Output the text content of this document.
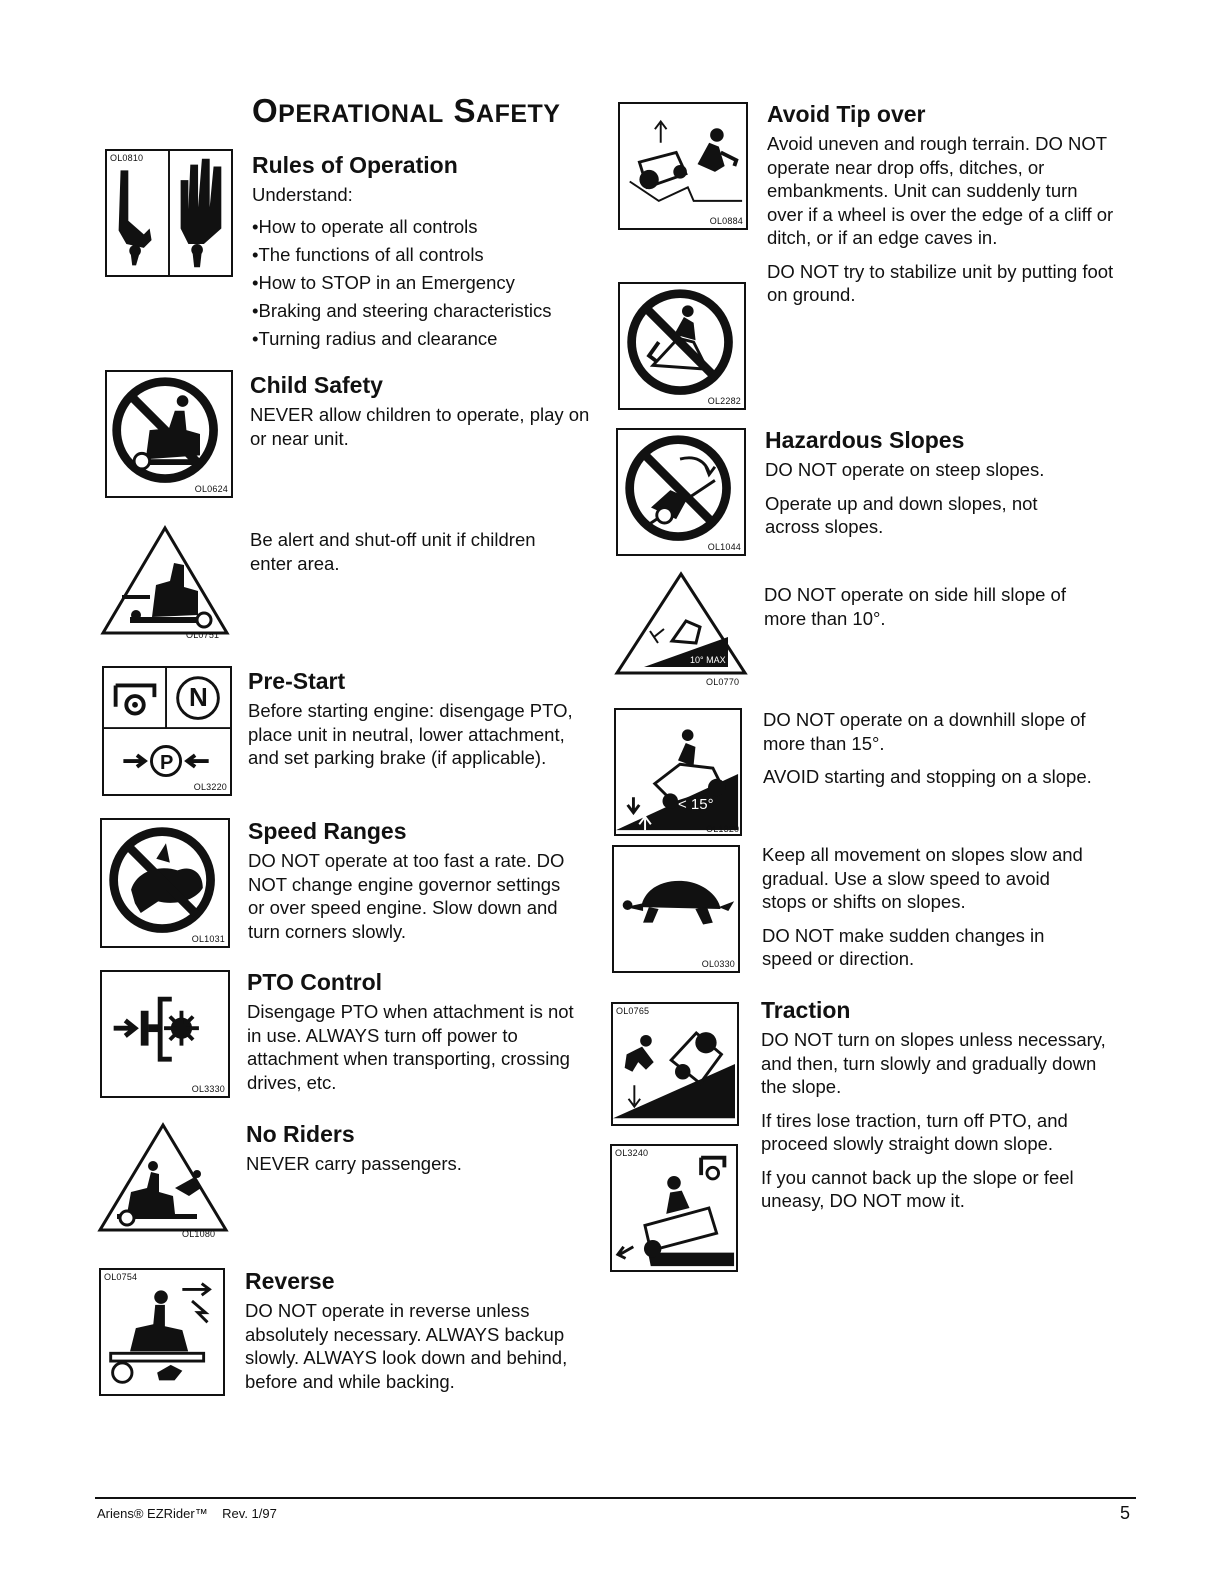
OPERATIONAL SAFETY
OL0810
OL0624
OL0751
N
P
OL3220
OL1031
OL3330
OL1080
OL0754
Rules of Operation

Understand:

• How to operate all controls
• The functions of all controls
• How to STOP in an Emergency
• Braking and steering characteristics
• Turning radius and clearance
Child Safety

NEVER allow children to operate, play on or near unit.

Be alert and shut-off unit if children enter area.

Pre-Start

Before starting engine: disengage PTO, place unit in neutral, lower attachment, and set parking brake (if applicable).

Speed Ranges

DO NOT operate at too fast a rate. DO NOT change engine governor settings or over speed engine. Slow down and turn corners slowly.

PTO Control

Disengage PTO when attachment is not in use. ALWAYS turn off power to attachment when transporting, crossing drives, etc.

No Riders

NEVER carry passengers.

Reverse

DO NOT operate in reverse unless absolutely necessary. ALWAYS backup slowly. ALWAYS look down and behind, before and while backing.

OL0884
OL2282
OL1044
10° MAX
OL0770
< 15°
OL1320
OL0330
OL0765
OL3240
Avoid Tip over

Avoid uneven and rough terrain. DO NOT operate near drop offs, ditches, or embankments. Unit can suddenly turn over if a wheel is over the edge of a cliff or ditch, or if an edge caves in.

DO NOT try to stabilize unit by putting foot on ground.

Hazardous Slopes

DO NOT operate on steep slopes.

Operate up and down slopes, not across slopes.

DO NOT operate on side hill slope of more than 10°.

DO NOT operate on a downhill slope of more than 15°.

AVOID starting and stopping on a slope.

Keep all movement on slopes slow and gradual. Use a slow speed to avoid stops or shifts on slopes.

DO NOT make sudden changes in speed or direction.

Traction

DO NOT turn on slopes unless necessary, and then, turn slowly and gradually down the slope.

If tires lose traction, turn off PTO, and proceed slowly straight down slope.

If you cannot back up the slope or feel uneasy, DO NOT mow it.

Ariens® EZRider™ Rev. 1/97	5
